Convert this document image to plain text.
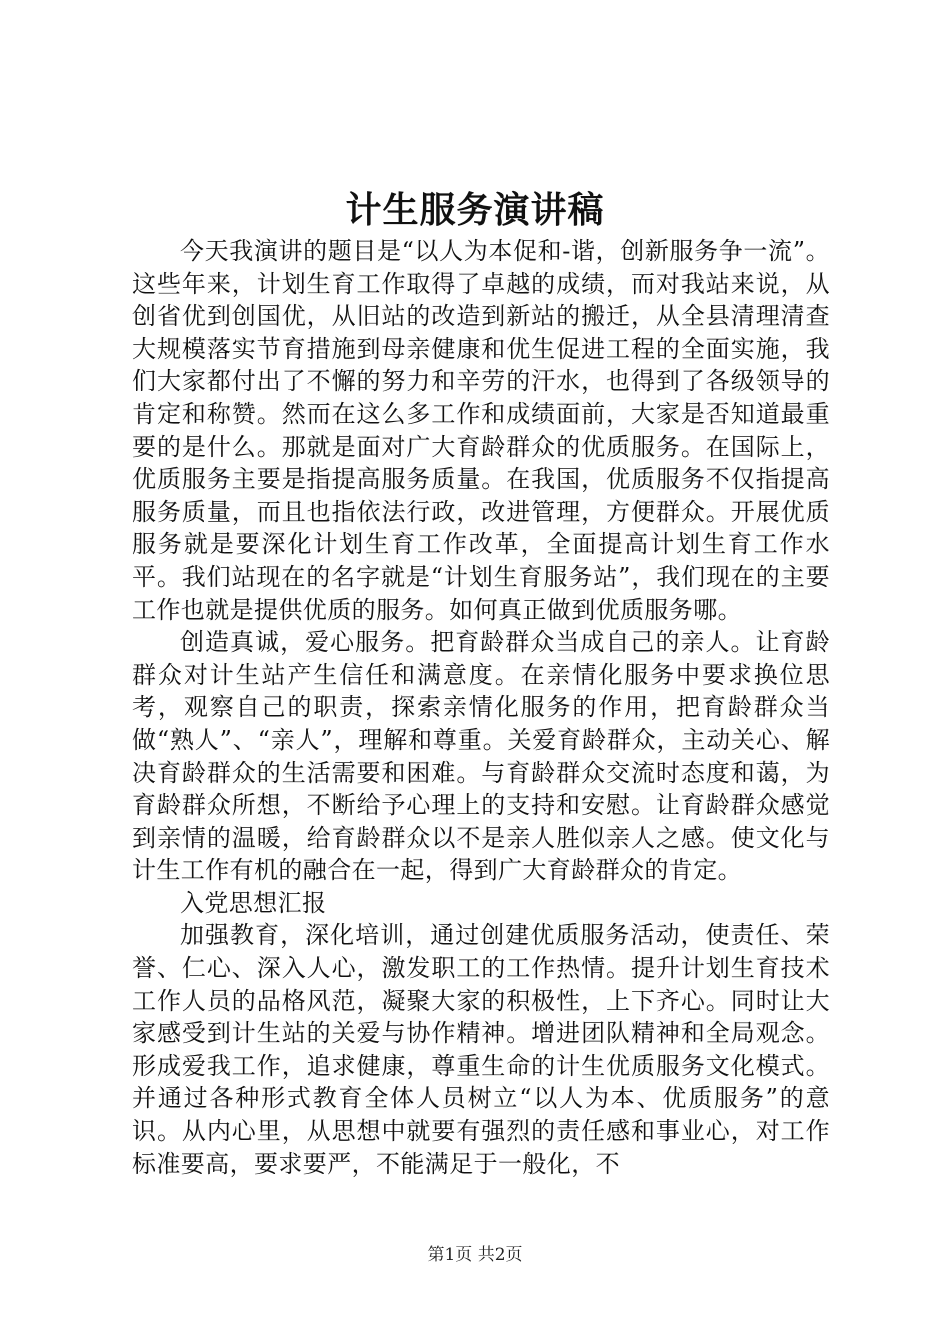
计生服务演讲稿

今天我演讲的题目是“以人为本促和-谐，创新服务争一流”。这些年来，计划生育工作取得了卓越的成绩，而对我站来说，从创省优到创国优，从旧站的改造到新站的搬迁，从全县清理清查大规模落实节育措施到母亲健康和优生促进工程的全面实施，我们大家都付出了不懈的努力和辛劳的汗水，也得到了各级领导的肯定和称赞。然而在这么多工作和成绩面前，大家是否知道最重要的是什么。那就是面对广大育龄群众的优质服务。在国际上，优质服务主要是指提高服务质量。在我国，优质服务不仅指提高服务质量，而且也指依法行政，改进管理，方便群众。开展优质服务就是要深化计划生育工作改革，全面提高计划生育工作水平。我们站现在的名字就是“计划生育服务站”，我们现在的主要工作也就是提供优质的服务。如何真正做到优质服务哪。

创造真诚，爱心服务。把育龄群众当成自己的亲人。让育龄群众对计生站产生信任和满意度。在亲情化服务中要求换位思考，观察自己的职责，探索亲情化服务的作用，把育龄群众当做“熟人”、“亲人”，理解和尊重。关爱育龄群众，主动关心、解决育龄群众的生活需要和困难。与育龄群众交流时态度和蔼，为育龄群众所想，不断给予心理上的支持和安慰。让育龄群众感觉到亲情的温暖，给育龄群众以不是亲人胜似亲人之感。使文化与计生工作有机的融合在一起，得到广大育龄群众的肯定。

入党思想汇报

加强教育，深化培训，通过创建优质服务活动，使责任、荣誉、仁心、深入人心，激发职工的工作热情。提升计划生育技术工作人员的品格风范，凝聚大家的积极性，上下齐心。同时让大家感受到计生站的关爱与协作精神。增进团队精神和全局观念。形成爱我工作，追求健康，尊重生命的计生优质服务文化模式。并通过各种形式教育全体人员树立“以人为本、优质服务”的意识。从内心里，从思想中就要有强烈的责任感和事业心，对工作标准要高，要求要严，不能满足于一般化，不

第1页 共2页
